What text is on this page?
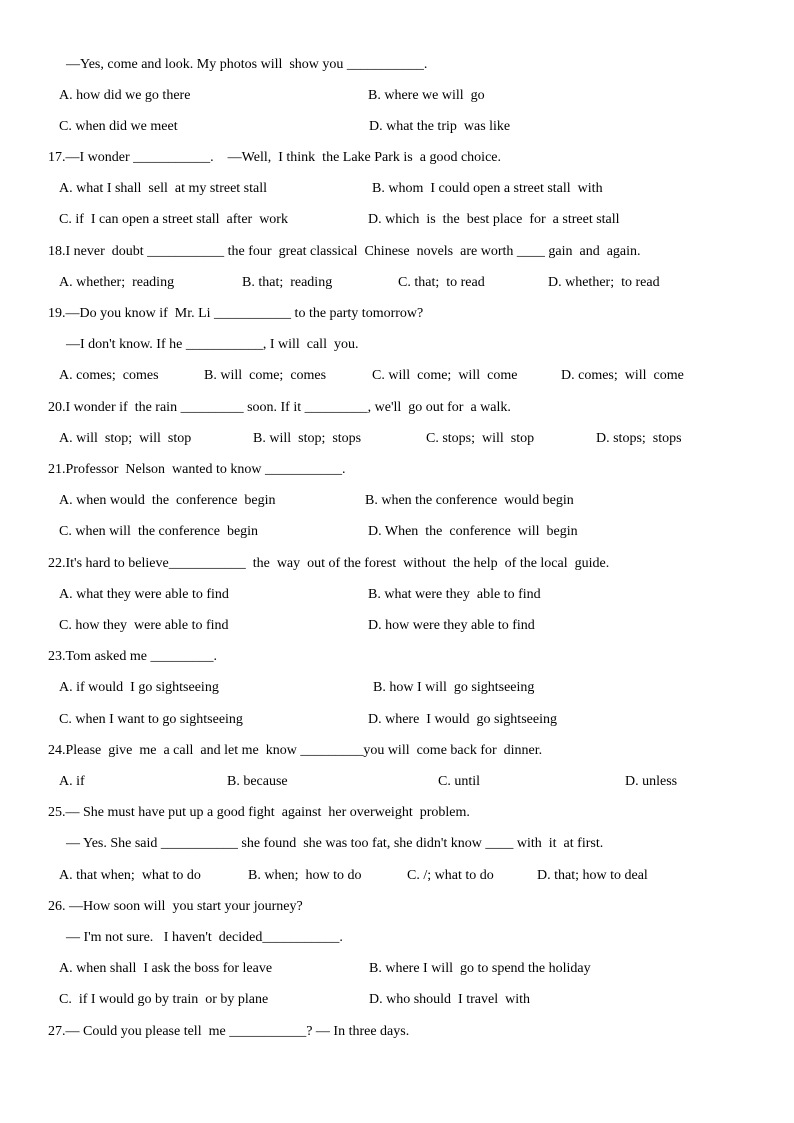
—Yes, come and look. My photos will  show you ___________.

A. how did we go there

	B. where we will  go

C. when did we meet

	D. what the trip  was like

17.—I wonder ___________.    —Well,  I think  the Lake Park is  a good choice.

A. what I shall  sell  at my street stall

	B. whom  I could open a street stall  with

C. if  I can open a street stall  after  work

	D. which  is  the  best place  for  a street stall

18.I never  doubt ___________ the four  great classical  Chinese  novels  are worth ____ gain  and  again.

A. whether;  reading

	B. that;  reading

	C. that;  to read

	D. whether;  to read

19.—Do you know if  Mr. Li ___________ to the party tomorrow?

—I don't know. If he ___________, I will  call  you.

A. comes;  comes

	B. will  come;  comes

	C. will  come;  will  come

	D. comes;  will  come

20.I wonder if  the rain _________ soon. If it _________, we'll  go out for  a walk.

A. will  stop;  will  stop

	B. will  stop;  stops

	C. stops;  will  stop

	D. stops;  stops

21.Professor  Nelson  wanted to know ___________.

A. when would  the  conference  begin

	B. when the conference  would begin

C. when will  the conference  begin

	D. When  the  conference  will  begin

22.It's hard to believe___________  the  way  out of the forest  without  the help  of the local  guide.

A. what they were able to find

	B. what were they  able to find

C. how they  were able to find

	D. how were they able to find

23.Tom asked me _________.

A. if would  I go sightseeing

	B. how I will  go sightseeing

C. when I want to go sightseeing

	D. where  I would  go sightseeing

24.Please  give  me  a call  and let me  know _________you will  come back for  dinner.

A. if

	B. because

	C. until

	D. unless

25.— She must have put up a good fight  against  her overweight  problem.

— Yes. She said ___________ she found  she was too fat, she didn't know ____ with  it  at first.

A. that when;  what to do

	B. when;  how to do

	C. /; what to do

	D. that; how to deal

26. —How soon will  you start your journey?

— I'm not sure.   I haven't  decided___________.

A. when shall  I ask the boss for leave

	B. where I will  go to spend the holiday

C.  if I would go by train  or by plane

	D. who should  I travel  with

27.— Could you please tell  me ___________? — In three days.
